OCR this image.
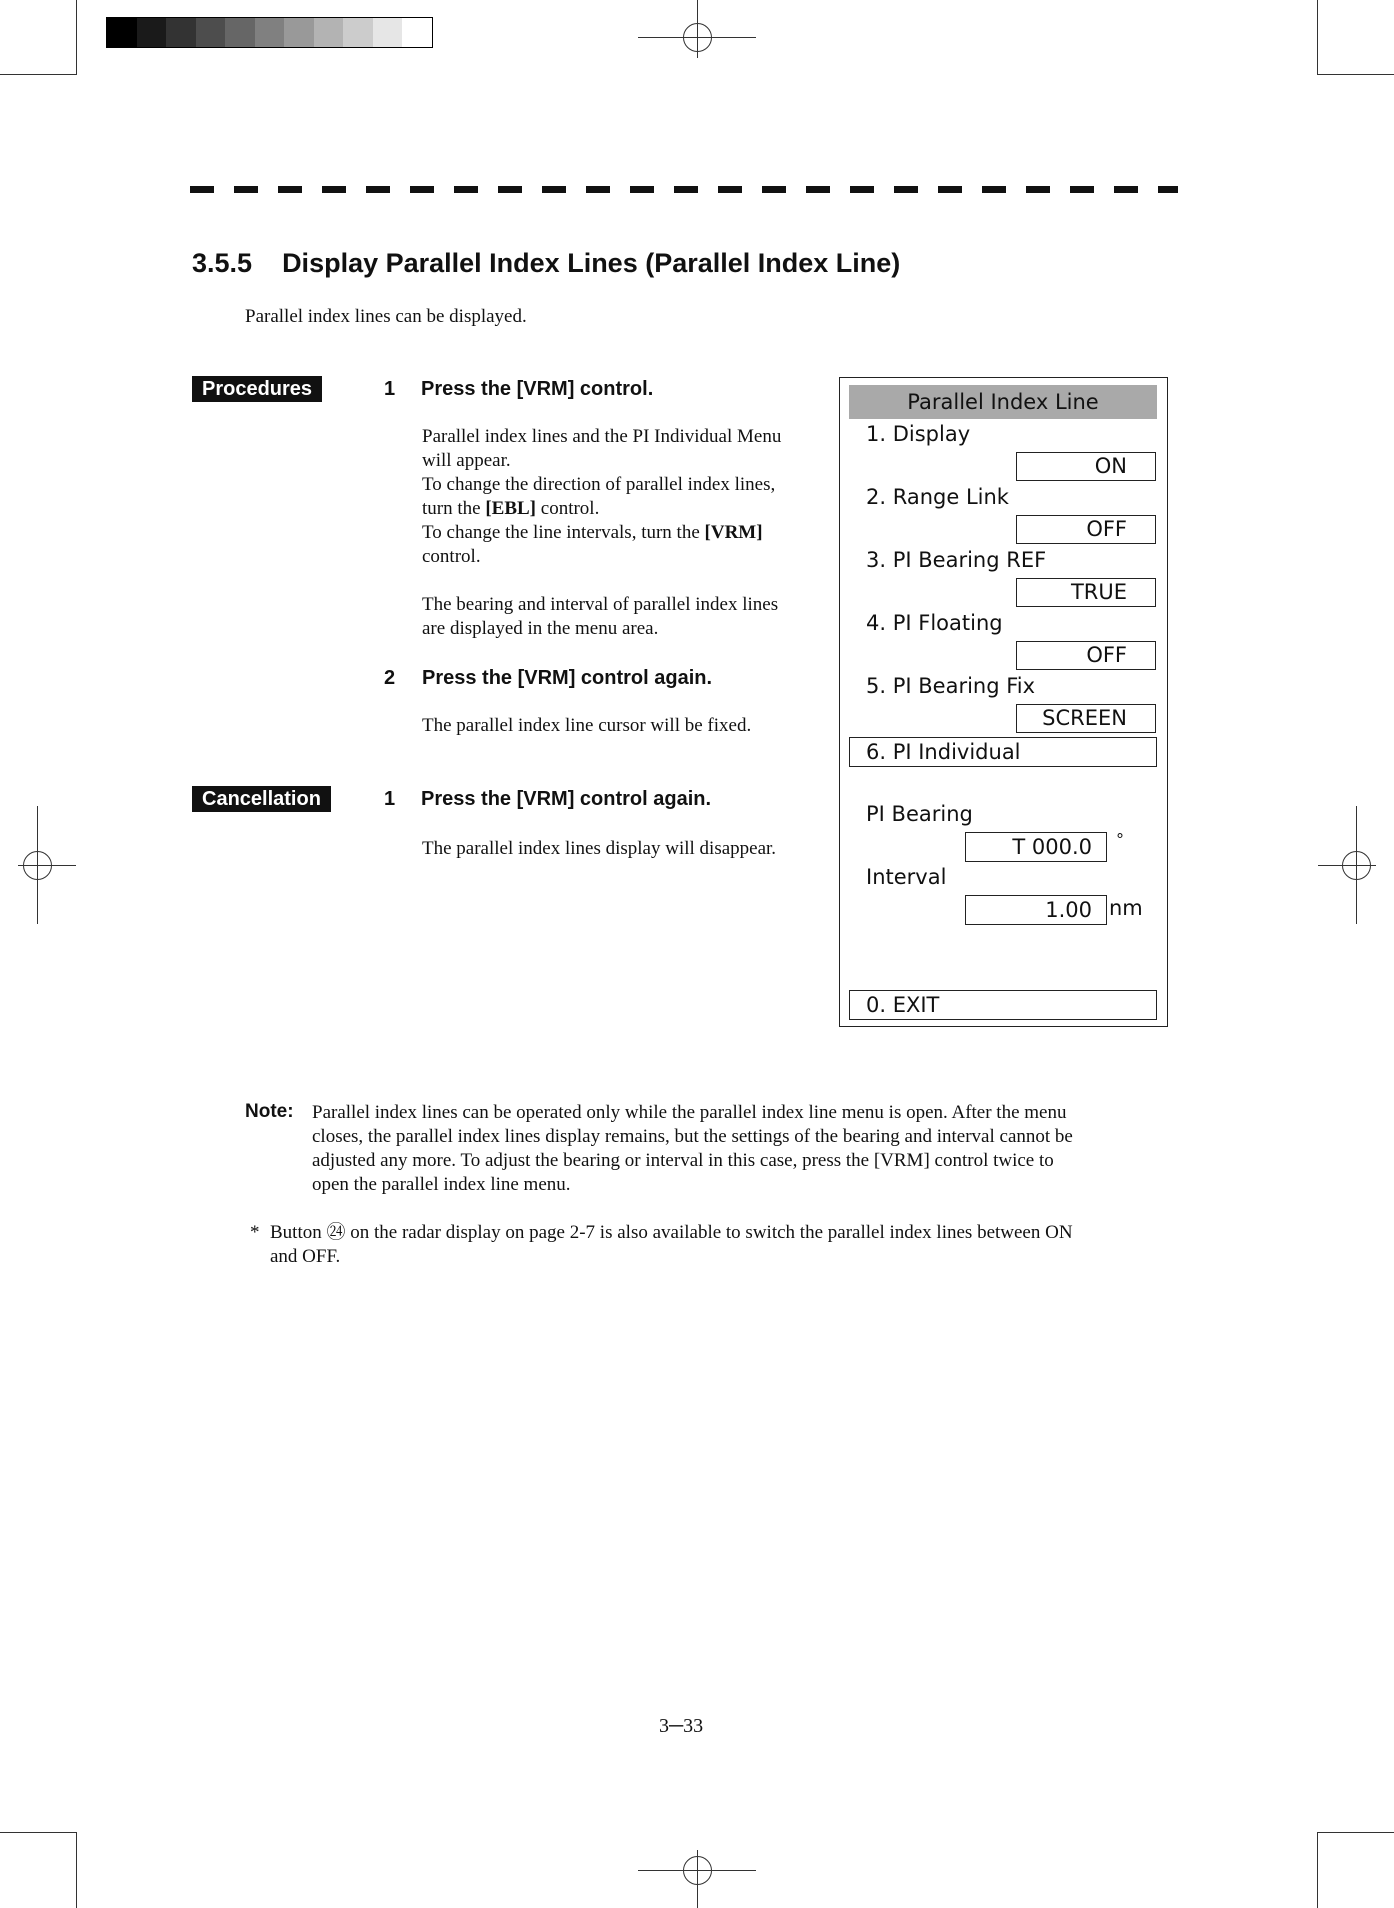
3.5.5 Display Parallel Index Lines (Parallel Index Line)
Parallel index lines can be displayed.
Procedures	1 Press the [VRM] control.
Parallel index lines and the PI Individual Menu
will appear.
To change the direction of parallel index lines,
turn the [EBL] control.
To change the line intervals, turn the [VRM]
control.
The bearing and interval of parallel index lines
are displayed in the menu area.
2 Press the [VRM] control again.
The parallel index line cursor will be fixed.
Cancellation	1 Press the [VRM] control again.
The parallel index lines display will disappear.
Parallel Index Line
1. Display
ON
2. Range Link
OFF
3. PI Bearing REF
TRUE
4. PI Floating
OFF
5. PI Bearing Fix
SCREEN
6. PI Individual
PI Bearing
T 000.0	°
Interval
1.00 nm
0. EXIT
Note: Parallel index lines can be operated only while the parallel index line menu is open. After the menu
closes, the parallel index lines display remains, but the settings of the bearing and interval cannot be
adjusted any more. To adjust the bearing or interval in this case, press the [VRM] control twice to
open the parallel index line menu.
* Button ㉔ on the radar display on page 2-7 is also available to switch the parallel index lines between ON
and OFF.
3─33
